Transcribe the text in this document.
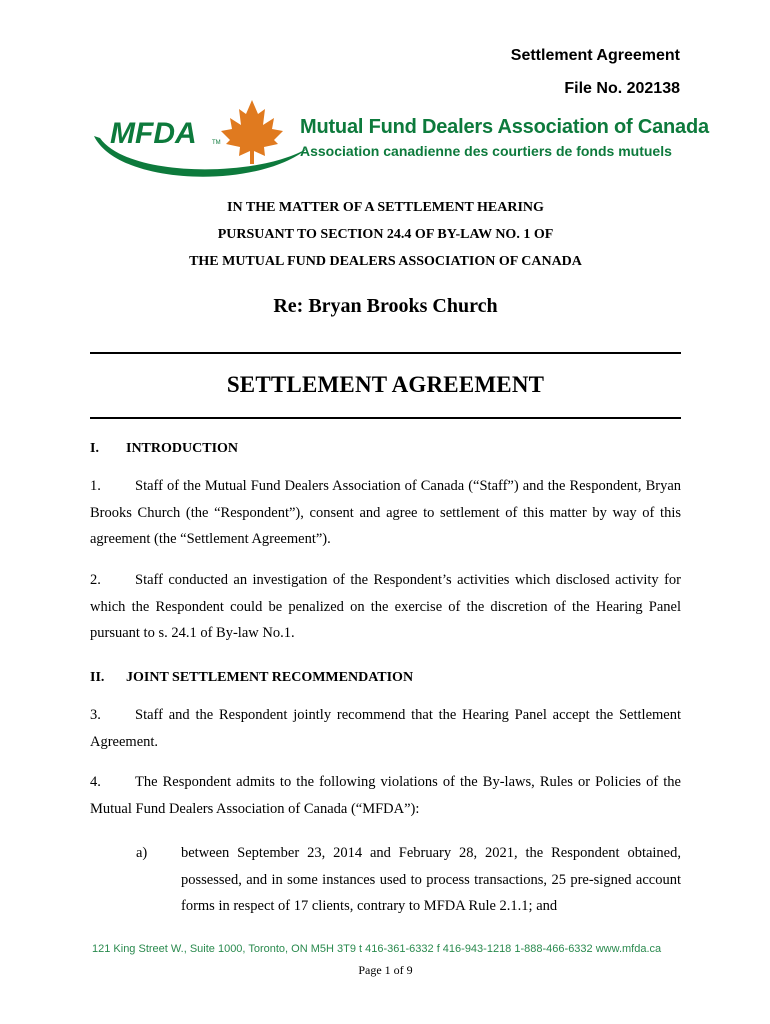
Settlement Agreement
File No. 202138
MFDA	TM
Mutual Fund Dealers Association of Canada
Association canadienne des courtiers de fonds mutuels
IN THE MATTER OF A SETTLEMENT HEARING
PURSUANT TO SECTION 24.4 OF BY-LAW NO. 1 OF
THE MUTUAL FUND DEALERS ASSOCIATION OF CANADA
Re: Bryan Brooks Church
SETTLEMENT AGREEMENT
I. INTRODUCTION
1. Staff of the Mutual Fund Dealers Association of Canada (“Staff”) and the Respondent, Bryan Brooks Church (the “Respondent”), consent and agree to settlement of this matter by way of this agreement (the “Settlement Agreement”).
2. Staff conducted an investigation of the Respondent’s activities which disclosed activity for which the Respondent could be penalized on the exercise of the discretion of the Hearing Panel pursuant to s. 24.1 of By-law No.1.
II. JOINT SETTLEMENT RECOMMENDATION
3. Staff and the Respondent jointly recommend that the Hearing Panel accept the Settlement Agreement.
4. The Respondent admits to the following violations of the By-laws, Rules or Policies of the Mutual Fund Dealers Association of Canada (“MFDA”):
a) between September 23, 2014 and February 28, 2021, the Respondent obtained, possessed, and in some instances used to process transactions, 25 pre-signed account forms in respect of 17 clients, contrary to MFDA Rule 2.1.1; and
121 King Street W., Suite 1000, Toronto, ON M5H 3T9 t 416-361-6332 f 416-943-1218 1-888-466-6332 www.mfda.ca
Page 1 of 9
